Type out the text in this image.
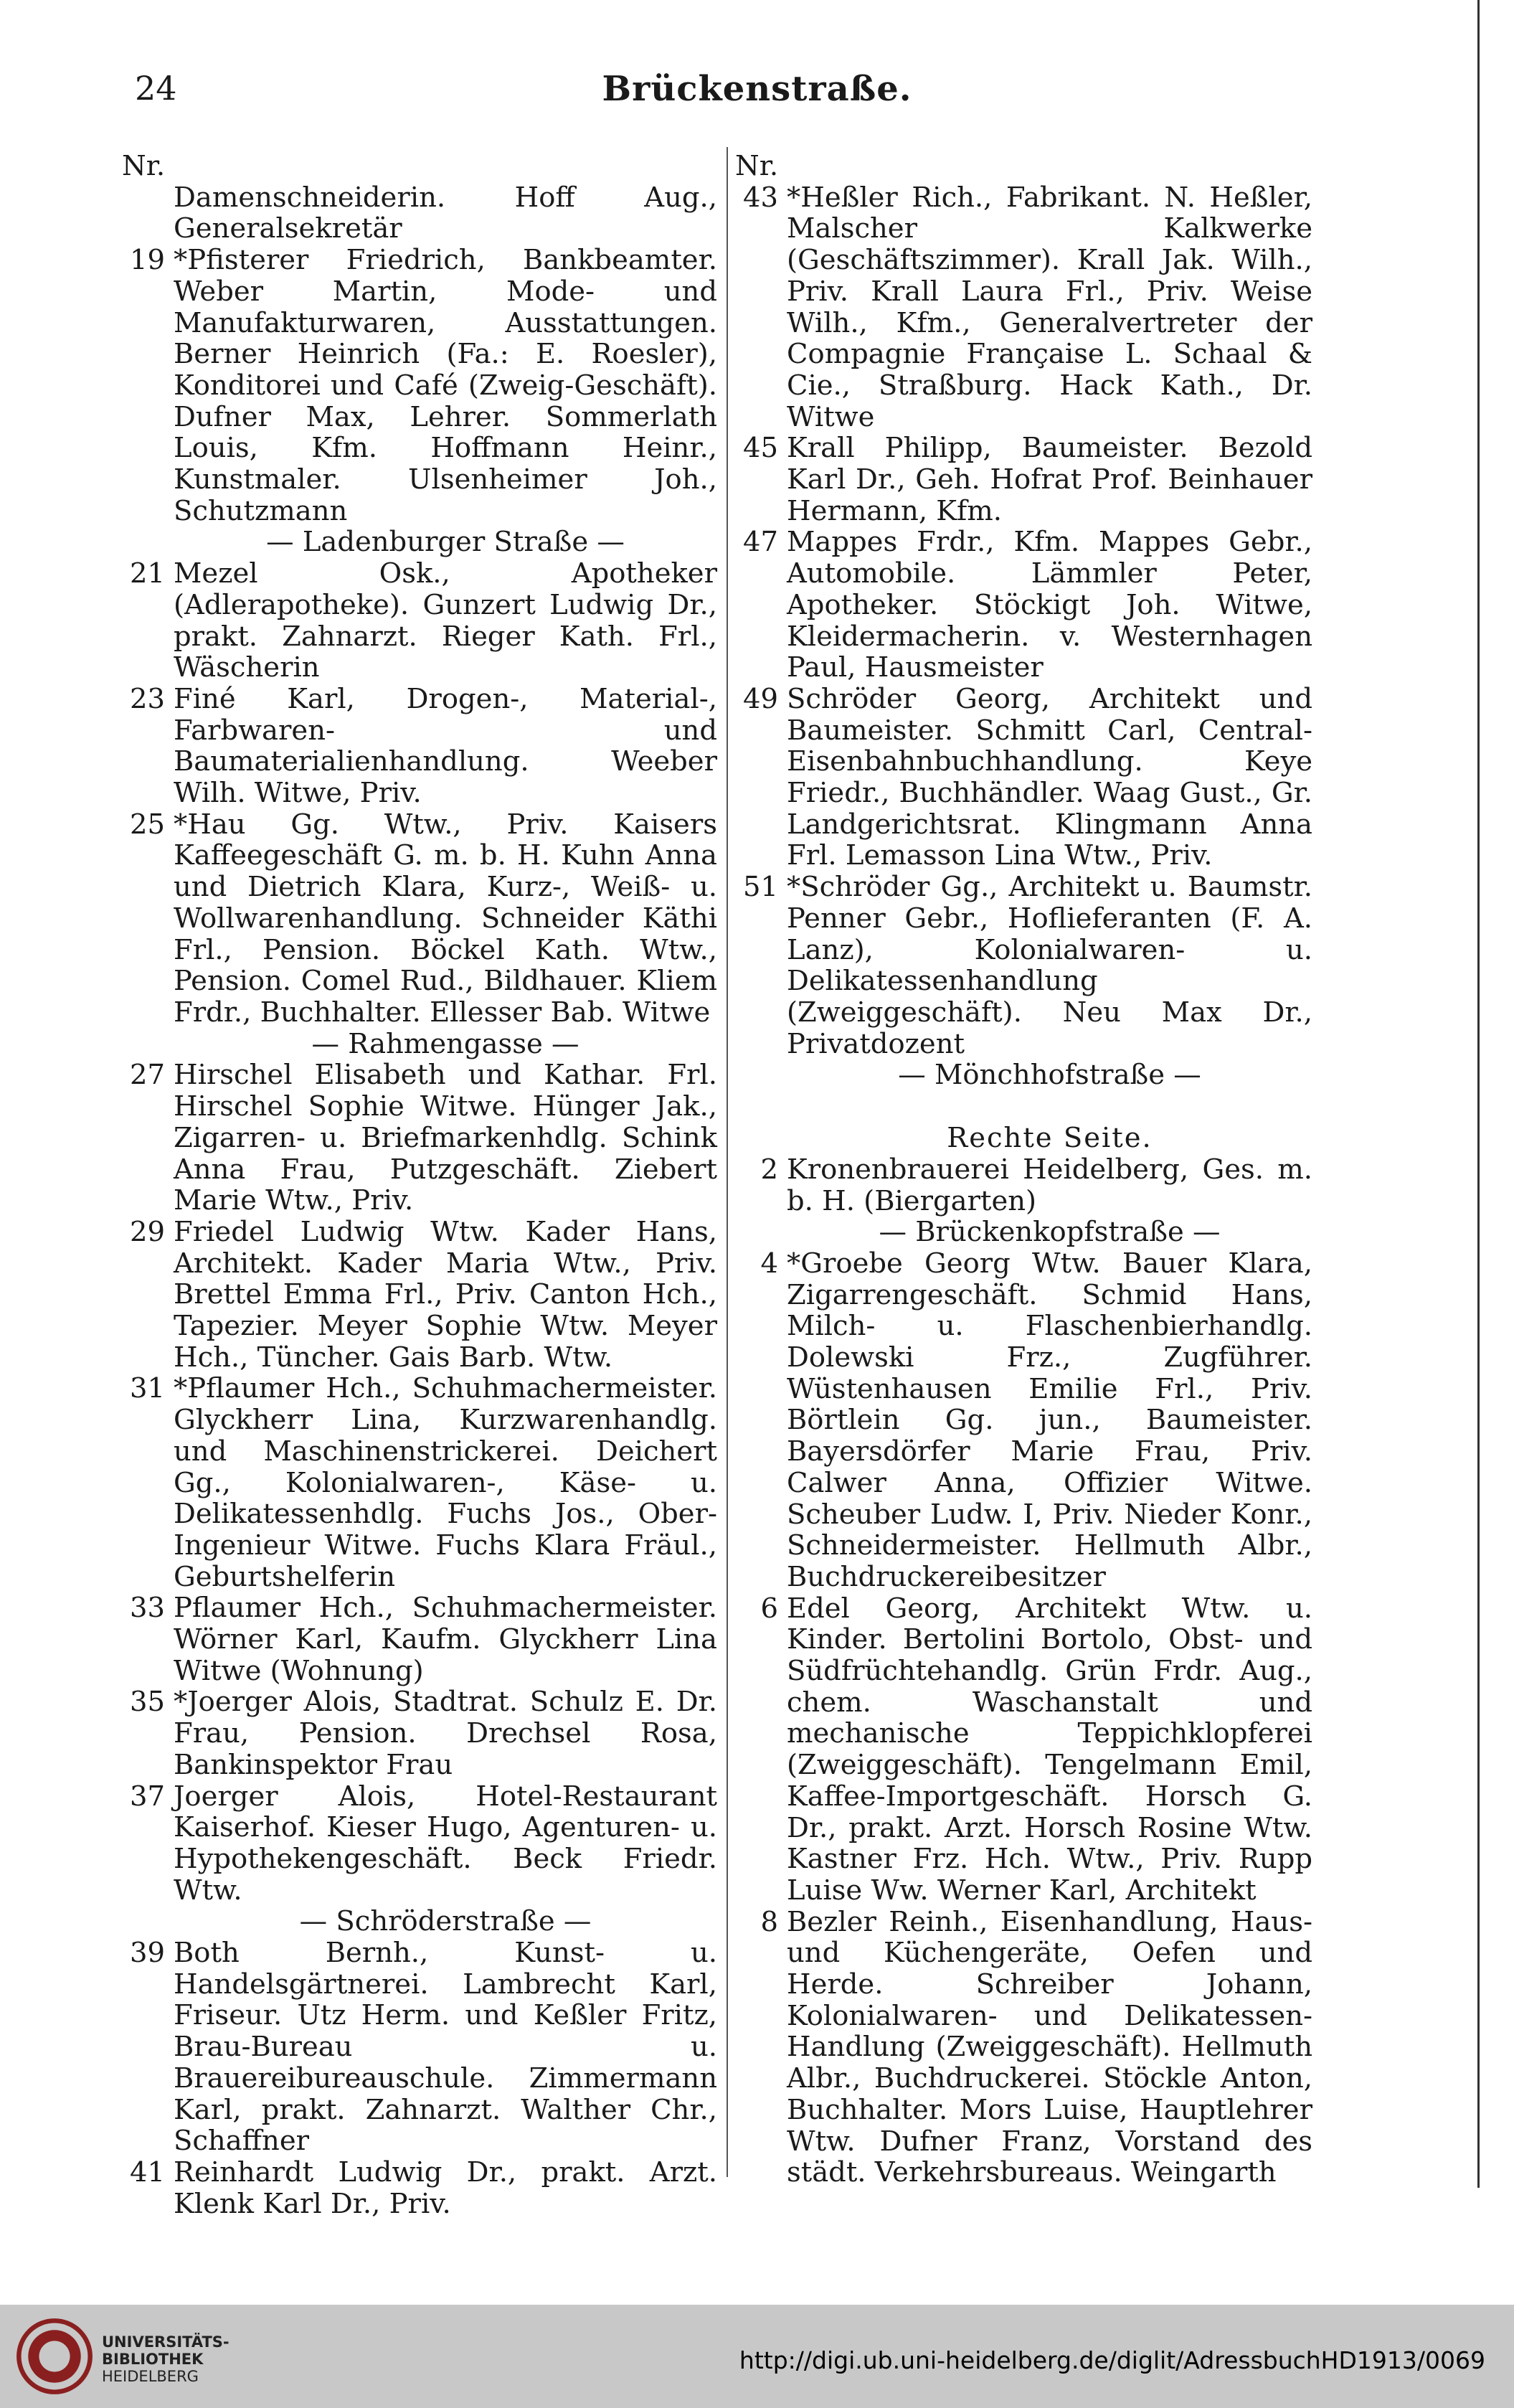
24	Brückenstraße.
Nr.
Damenschneiderin. Hoff Aug., Generalsekretär
19 *Pfisterer Friedrich, Bankbeamter. Weber Martin, Mode- und Manufakturwaren, Ausstattungen. Berner Heinrich (Fa.: E. Roesler), Konditorei und Café (Zweig-Geschäft). Dufner Max, Lehrer. Sommerlath Louis, Kfm. Hoffmann Heinr., Kunstmaler. Ulsenheimer Joh., Schutzmann
— Ladenburger Straße —
21 Mezel Osk., Apotheker (Adlerapotheke). Gunzert Ludwig Dr., prakt. Zahnarzt. Rieger Kath. Frl., Wäscherin
23 Finé Karl, Drogen-, Material-, Farbwaren- und Baumaterialienhandlung. Weeber Wilh. Witwe, Priv.
25 *Hau Gg. Wtw., Priv. Kaisers Kaffeegeschäft G. m. b. H. Kuhn Anna und Dietrich Klara, Kurz-, Weiß- u. Wollwarenhandlung. Schneider Käthi Frl., Pension. Böckel Kath. Wtw., Pension. Comel Rud., Bildhauer. Kliem Frdr., Buchhalter. Ellesser Bab. Witwe
— Rahmengasse —
27 Hirschel Elisabeth und Kathar. Frl. Hirschel Sophie Witwe. Hünger Jak., Zigarren- u. Briefmarkenhdlg. Schink Anna Frau, Putzgeschäft. Ziebert Marie Wtw., Priv.
29 Friedel Ludwig Wtw. Kader Hans, Architekt. Kader Maria Wtw., Priv. Brettel Emma Frl., Priv. Canton Hch., Tapezier. Meyer Sophie Wtw. Meyer Hch., Tüncher. Gais Barb. Wtw.
31 *Pflaumer Hch., Schuhmachermeister. Glyckherr Lina, Kurzwarenhandlg. und Maschinenstrickerei. Deichert Gg., Kolonialwaren-, Käse- u. Delikatessenhdlg. Fuchs Jos., Ober-Ingenieur Witwe. Fuchs Klara Fräul., Geburtshelferin
33 Pflaumer Hch., Schuhmachermeister. Wörner Karl, Kaufm. Glyckherr Lina Witwe (Wohnung)
35 *Joerger Alois, Stadtrat. Schulz E. Dr. Frau, Pension. Drechsel Rosa, Bankinspektor Frau
37 Joerger Alois, Hotel-Restaurant Kaiserhof. Kieser Hugo, Agenturen- u. Hypothekengeschäft. Beck Friedr. Wtw.
— Schröderstraße —
39 Both Bernh., Kunst- u. Handelsgärtnerei. Lambrecht Karl, Friseur. Utz Herm. und Keßler Fritz, Brau-Bureau u. Brauereibureauschule. Zimmermann Karl, prakt. Zahnarzt. Walther Chr., Schaffner
41 Reinhardt Ludwig Dr., prakt. Arzt. Klenk Karl Dr., Priv.
Nr.
43 *Heßler Rich., Fabrikant. N. Heßler, Malscher Kalkwerke (Geschäftszimmer). Krall Jak. Wilh., Priv. Krall Laura Frl., Priv. Weise Wilh., Kfm., Generalvertreter der Compagnie Française L. Schaal & Cie., Straßburg. Hack Kath., Dr. Witwe
45 Krall Philipp, Baumeister. Bezold Karl Dr., Geh. Hofrat Prof. Beinhauer Hermann, Kfm.
47 Mappes Frdr., Kfm. Mappes Gebr., Automobile. Lämmler Peter, Apotheker. Stöckigt Joh. Witwe, Kleidermacherin. v. Westernhagen Paul, Hausmeister
49 Schröder Georg, Architekt und Baumeister. Schmitt Carl, Central-Eisenbahnbuchhandlung. Keye Friedr., Buchhändler. Waag Gust., Gr. Landgerichtsrat. Klingmann Anna Frl. Lemasson Lina Wtw., Priv.
51 *Schröder Gg., Architekt u. Baumstr. Penner Gebr., Hoflieferanten (F. A. Lanz), Kolonialwaren- u. Delikatessenhandlung (Zweiggeschäft). Neu Max Dr., Privatdozent
— Mönchhofstraße —
Rechte Seite.
2 Kronenbrauerei Heidelberg, Ges. m. b. H. (Biergarten)
— Brückenkopfstraße —
4 *Groebe Georg Wtw. Bauer Klara, Zigarrengeschäft. Schmid Hans, Milch- u. Flaschenbierhandlg. Dolewski Frz., Zugführer. Wüstenhausen Emilie Frl., Priv. Börtlein Gg. jun., Baumeister. Bayersdörfer Marie Frau, Priv. Calwer Anna, Offizier Witwe. Scheuber Ludw. I, Priv. Nieder Konr., Schneidermeister. Hellmuth Albr., Buchdruckereibesitzer
6 Edel Georg, Architekt Wtw. u. Kinder. Bertolini Bortolo, Obst- und Südfrüchtehandlg. Grün Frdr. Aug., chem. Waschanstalt und mechanische Teppichklopferei (Zweiggeschäft). Tengelmann Emil, Kaffee-Importgeschäft. Horsch G. Dr., prakt. Arzt. Horsch Rosine Wtw. Kastner Frz. Hch. Wtw., Priv. Rupp Luise Ww. Werner Karl, Architekt
8 Bezler Reinh., Eisenhandlung, Haus- und Küchengeräte, Oefen und Herde. Schreiber Johann, Kolonialwaren- und Delikatessen-Handlung (Zweiggeschäft). Hellmuth Albr., Buchdruckerei. Stöckle Anton, Buchhalter. Mors Luise, Hauptlehrer Wtw. Dufner Franz, Vorstand des städt. Verkehrsbureaus. Weingarth
UNIVERSITÄTS-
BIBLIOTHEK
HEIDELBERG
http://digi.ub.uni-heidelberg.de/diglit/AdressbuchHD1913/0069
